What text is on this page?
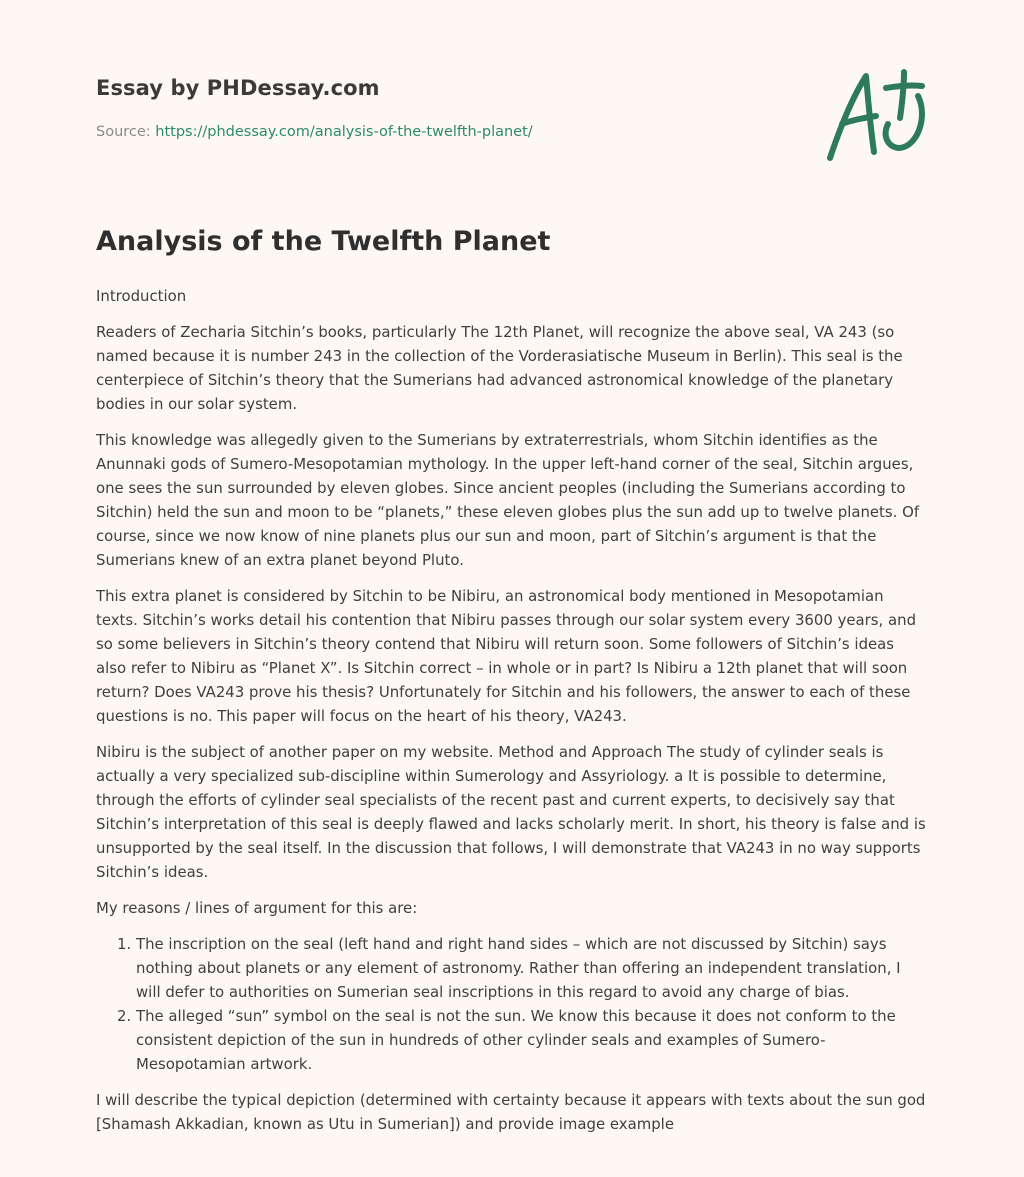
Essay by PHDessay.com
Source: https://phdessay.com/analysis-of-the-twelfth-planet/
Analysis of the Twelfth Planet

Introduction

Readers of Zecharia Sitchin’s books, particularly The 12th Planet, will recognize the above seal, VA 243 (so named because it is number 243 in the collection of the Vorderasiatische Museum in Berlin). This seal is the centerpiece of Sitchin’s theory that the Sumerians had advanced astronomical knowledge of the planetary bodies in our solar system.

This knowledge was allegedly given to the Sumerians by extraterrestrials, whom Sitchin identifies as the Anunnaki gods of Sumero-Mesopotamian mythology. In the upper left-hand corner of the seal, Sitchin argues, one sees the sun surrounded by eleven globes. Since ancient peoples (including the Sumerians according to Sitchin) held the sun and moon to be “planets,” these eleven globes plus the sun add up to twelve planets. Of course, since we now know of nine planets plus our sun and moon, part of Sitchin’s argument is that the Sumerians knew of an extra planet beyond Pluto.

This extra planet is considered by Sitchin to be Nibiru, an astronomical body mentioned in Mesopotamian texts. Sitchin’s works detail his contention that Nibiru passes through our solar system every 3600 years, and so some believers in Sitchin’s theory contend that Nibiru will return soon. Some followers of Sitchin’s ideas also refer to Nibiru as “Planet X”. Is Sitchin correct – in whole or in part? Is Nibiru a 12th planet that will soon return? Does VA243 prove his thesis? Unfortunately for Sitchin and his followers, the answer to each of these questions is no. This paper will focus on the heart of his theory, VA243.

Nibiru is the subject of another paper on my website. Method and Approach The study of cylinder seals is actually a very specialized sub-discipline within Sumerology and Assyriology. a It is possible to determine, through the efforts of cylinder seal specialists of the recent past and current experts, to decisively say that Sitchin’s interpretation of this seal is deeply flawed and lacks scholarly merit. In short, his theory is false and is unsupported by the seal itself. In the discussion that follows, I will demonstrate that VA243 in no way supports Sitchin’s ideas.

My reasons / lines of argument for this are:

1. The inscription on the seal (left hand and right hand sides – which are not discussed by Sitchin) says nothing about planets or any element of astronomy. Rather than offering an independent translation, I will defer to authorities on Sumerian seal inscriptions in this regard to avoid any charge of bias.
2. The alleged “sun” symbol on the seal is not the sun. We know this because it does not conform to the consistent depiction of the sun in hundreds of other cylinder seals and examples of Sumero-Mesopotamian artwork.

I will describe the typical depiction (determined with certainty because it appears with texts about the sun god [Shamash Akkadian, known as Utu in Sumerian]) and provide image example
